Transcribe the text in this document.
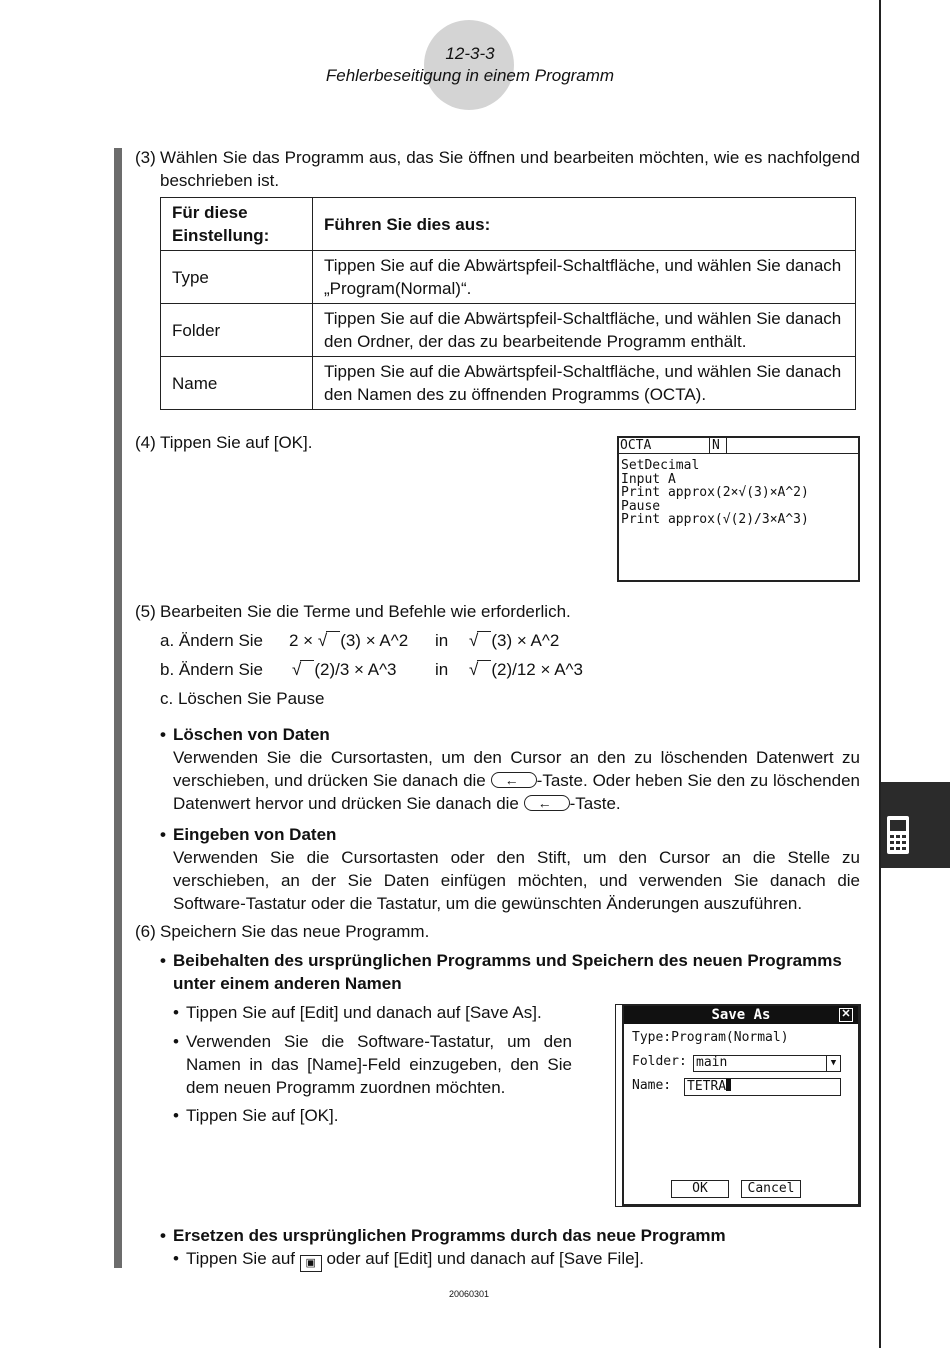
12-3-3
Fehlerbeseitigung in einem Programm
(3) Wählen Sie das Programm aus, das Sie öffnen und bearbeiten möchten, wie es nachfolgend beschrieben ist.
Für diese Einstellung:	Führen Sie dies aus:
Type	Tippen Sie auf die Abwärtspfeil-Schaltfläche, und wählen Sie danach „Program(Normal)“.
Folder	Tippen Sie auf die Abwärtspfeil-Schaltfläche, und wählen Sie danach den Ordner, der das zu bearbeitende Programm enthält.
Name	Tippen Sie auf die Abwärtspfeil-Schaltfläche, und wählen Sie danach den Namen des zu öffnenden Programms (OCTA).
(4) Tippen Sie auf [OK].	OCTA	N
SetDecimal
Input A
Print approx(2×√(3)×A^2)
Pause
Print approx(√(2)/3×A^3)
(5) Bearbeiten Sie die Terme und Befehle wie erforderlich.
a. Ändern Sie 2 × √ (3) × A^2 in √ (3) × A^2
b. Ändern Sie √ (2)/3 × A^3 in √ (2)/12 × A^3
c. Löschen Sie Pause
• Löschen von Daten
Verwenden Sie die Cursortasten, um den Cursor an den zu löschenden Datenwert zu verschieben, und drücken Sie danach die ←	-Taste. Oder heben Sie den zu löschenden Datenwert hervor und drücken Sie danach die ←	-Taste.
• Eingeben von Daten
Verwenden Sie die Cursortasten oder den Stift, um den Cursor an die Stelle zu verschieben, an der Sie Daten einfügen möchten, und verwenden Sie danach die Software-Tastatur oder die Tastatur, um die gewünschten Änderungen auszuführen.
(6) Speichern Sie das neue Programm.
• Beibehalten des ursprünglichen Programms und Speichern des neuen Programms unter einem anderen Namen
• Tippen Sie auf [Edit] und danach auf [Save As].
• Verwenden Sie die Software-Tastatur, um den Namen in das [Name]-Feld einzugeben, den Sie dem neuen Programm zuordnen möchten.
• Tippen Sie auf [OK].
Save As	✕
Type:Program(Normal)
Folder: main	▼
Name: TETRA
OK	Cancel
• Ersetzen des ursprünglichen Programms durch das neue Programm
• Tippen Sie auf ▣ oder auf [Edit] und danach auf [Save File].
20060301
